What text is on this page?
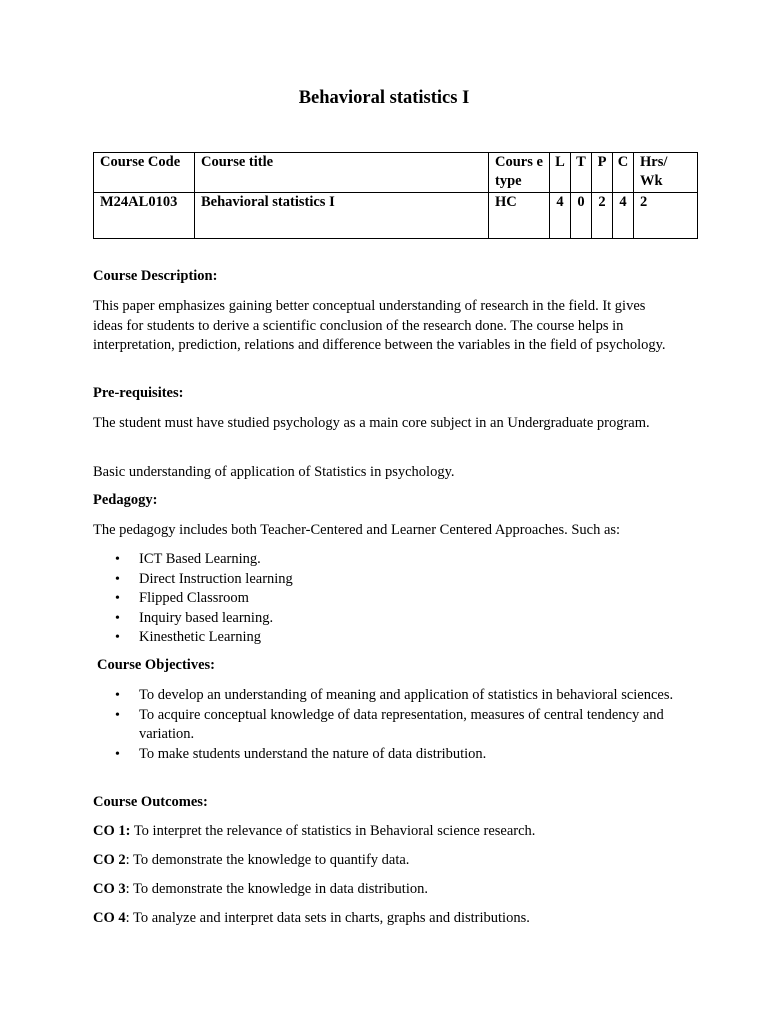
Behavioral statistics I
Course Code	Course title	Cours e type	L	T	P	C	Hrs/ Wk
M24AL0103	Behavioral statistics I	HC	4	0	2	4	2
Course Description:
This paper emphasizes gaining better conceptual understanding of research in the field. It gives ideas for students to derive a scientific conclusion of the research done. The course helps in interpretation, prediction, relations and difference between the variables in the field of psychology.
Pre-requisites:
The student must have studied psychology as a main core subject in an Undergraduate program.
Basic understanding of application of Statistics in psychology.
Pedagogy:
The pedagogy includes both Teacher-Centered and Learner Centered Approaches. Such as:
• ICT Based Learning.
• Direct Instruction learning
• Flipped Classroom
• Inquiry based learning.
• Kinesthetic Learning
Course Objectives:
• To develop an understanding of meaning and application of statistics in behavioral sciences.
• To acquire conceptual knowledge of data representation, measures of central tendency and variation.
• To make students understand the nature of data distribution.
Course Outcomes:
CO 1: To interpret the relevance of statistics in Behavioral science research.
CO 2: To demonstrate the knowledge to quantify data.
CO 3: To demonstrate the knowledge in data distribution.
CO 4: To analyze and interpret data sets in charts, graphs and distributions.
